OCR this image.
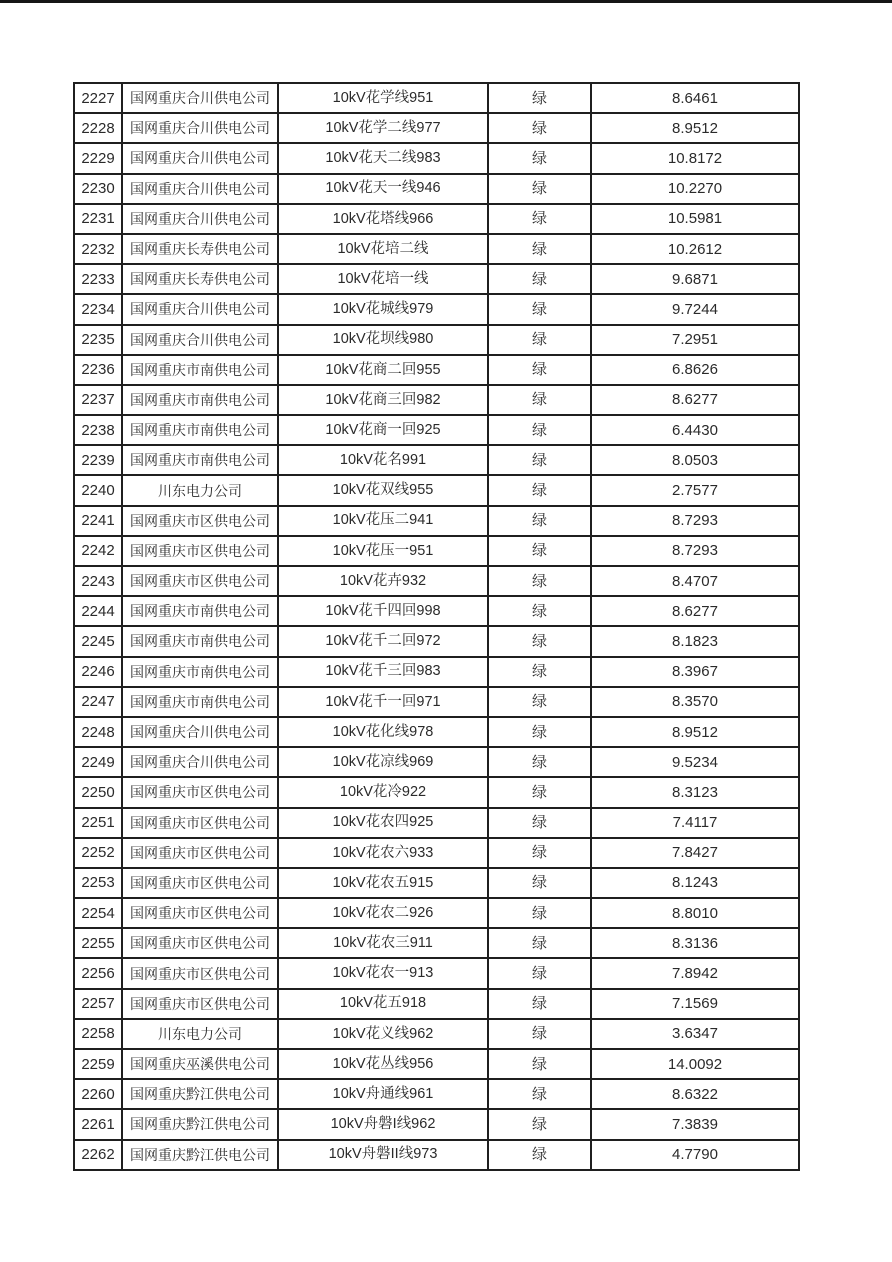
2227	国网重庆合川供电公司	10kV花学线951	绿	8.6461
2228	国网重庆合川供电公司	10kV花学二线977	绿	8.9512
2229	国网重庆合川供电公司	10kV花天二线983	绿	10.8172
2230	国网重庆合川供电公司	10kV花天一线946	绿	10.2270
2231	国网重庆合川供电公司	10kV花塔线966	绿	10.5981
2232	国网重庆长寿供电公司	10kV花培二线	绿	10.2612
2233	国网重庆长寿供电公司	10kV花培一线	绿	9.6871
2234	国网重庆合川供电公司	10kV花城线979	绿	9.7244
2235	国网重庆合川供电公司	10kV花坝线980	绿	7.2951
2236	国网重庆市南供电公司	10kV花商二回955	绿	6.8626
2237	国网重庆市南供电公司	10kV花商三回982	绿	8.6277
2238	国网重庆市南供电公司	10kV花商一回925	绿	6.4430
2239	国网重庆市南供电公司	10kV花名991	绿	8.0503
2240	川东电力公司	10kV花双线955	绿	2.7577
2241	国网重庆市区供电公司	10kV花压二941	绿	8.7293
2242	国网重庆市区供电公司	10kV花压一951	绿	8.7293
2243	国网重庆市区供电公司	10kV花卉932	绿	8.4707
2244	国网重庆市南供电公司	10kV花千四回998	绿	8.6277
2245	国网重庆市南供电公司	10kV花千二回972	绿	8.1823
2246	国网重庆市南供电公司	10kV花千三回983	绿	8.3967
2247	国网重庆市南供电公司	10kV花千一回971	绿	8.3570
2248	国网重庆合川供电公司	10kV花化线978	绿	8.9512
2249	国网重庆合川供电公司	10kV花凉线969	绿	9.5234
2250	国网重庆市区供电公司	10kV花冷922	绿	8.3123
2251	国网重庆市区供电公司	10kV花农四925	绿	7.4117
2252	国网重庆市区供电公司	10kV花农六933	绿	7.8427
2253	国网重庆市区供电公司	10kV花农五915	绿	8.1243
2254	国网重庆市区供电公司	10kV花农二926	绿	8.8010
2255	国网重庆市区供电公司	10kV花农三911	绿	8.3136
2256	国网重庆市区供电公司	10kV花农一913	绿	7.8942
2257	国网重庆市区供电公司	10kV花五918	绿	7.1569
2258	川东电力公司	10kV花义线962	绿	3.6347
2259	国网重庆巫溪供电公司	10kV花丛线956	绿	14.0092
2260	国网重庆黔江供电公司	10kV舟通线961	绿	8.6322
2261	国网重庆黔江供电公司	10kV舟磐I线962	绿	7.3839
2262	国网重庆黔江供电公司	10kV舟磐II线973	绿	4.7790
